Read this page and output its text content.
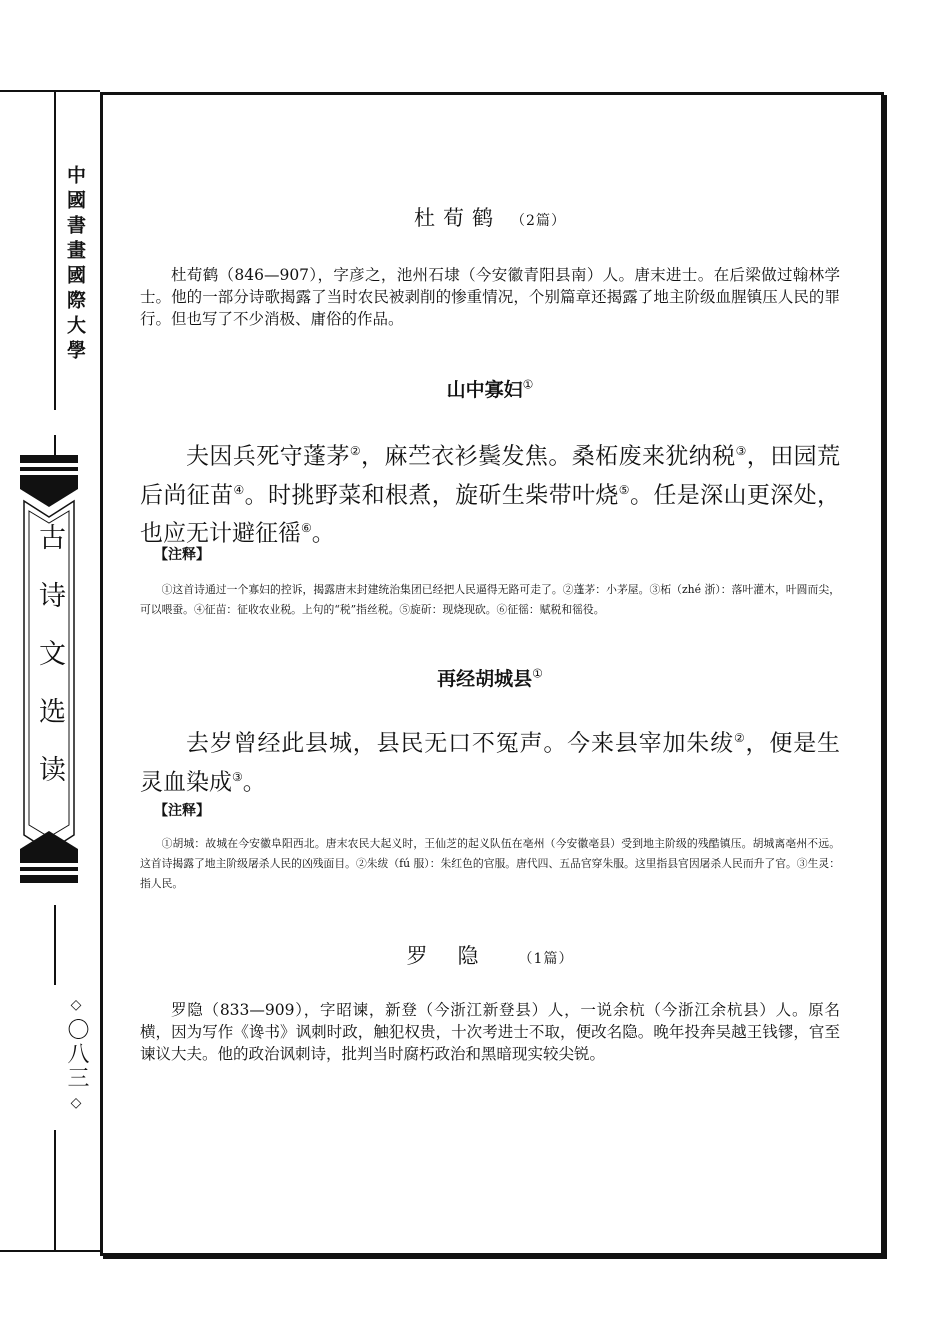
中國書畫國際大學
古诗文选读
◇
〇八三
◇
杜荀鹤 （2篇）
杜荀鹤（846—907），字彦之，池州石埭（今安徽青阳县南）人。唐末进士。在后梁做过翰林学士。他的一部分诗歌揭露了当时农民被剥削的惨重情况，个别篇章还揭露了地主阶级血腥镇压人民的罪行。但也写了不少消极、庸俗的作品。
山中寡妇①
夫因兵死守蓬茅②，麻苎衣衫鬓发焦。桑柘废来犹纳税③，田园荒后尚征苗④。时挑野菜和根煮，旋斫生柴带叶烧⑤。任是深山更深处，也应无计避征徭⑥。
【注释】
①这首诗通过一个寡妇的控诉，揭露唐末封建统治集团已经把人民逼得无路可走了。②蓬茅：小茅屋。③柘（zhé 浙）：落叶灌木，叶圆而尖，可以喂蚕。④征苗：征收农业税。上句的“税”指丝税。⑤旋斫：现烧现砍。⑥征徭：赋税和徭役。
再经胡城县①
去岁曾经此县城，县民无口不冤声。今来县宰加朱绂②，便是生灵血染成③。
【注释】
①胡城：故城在今安徽阜阳西北。唐末农民大起义时，王仙芝的起义队伍在亳州（今安徽亳县）受到地主阶级的残酷镇压。胡城离亳州不远。这首诗揭露了地主阶级屠杀人民的凶残面目。②朱绂（fú 服）：朱红色的官服。唐代四、五品官穿朱服。这里指县官因屠杀人民而升了官。③生灵：指人民。
罗隐 （1篇）
罗隐（833—909），字昭谏，新登（今浙江新登县）人，一说余杭（今浙江余杭县）人。原名横，因为写作《谗书》讽刺时政，触犯权贵，十次考进士不取，便改名隐。晚年投奔吴越王钱镠，官至谏议大夫。他的政治讽刺诗，批判当时腐朽政治和黑暗现实较尖锐。
